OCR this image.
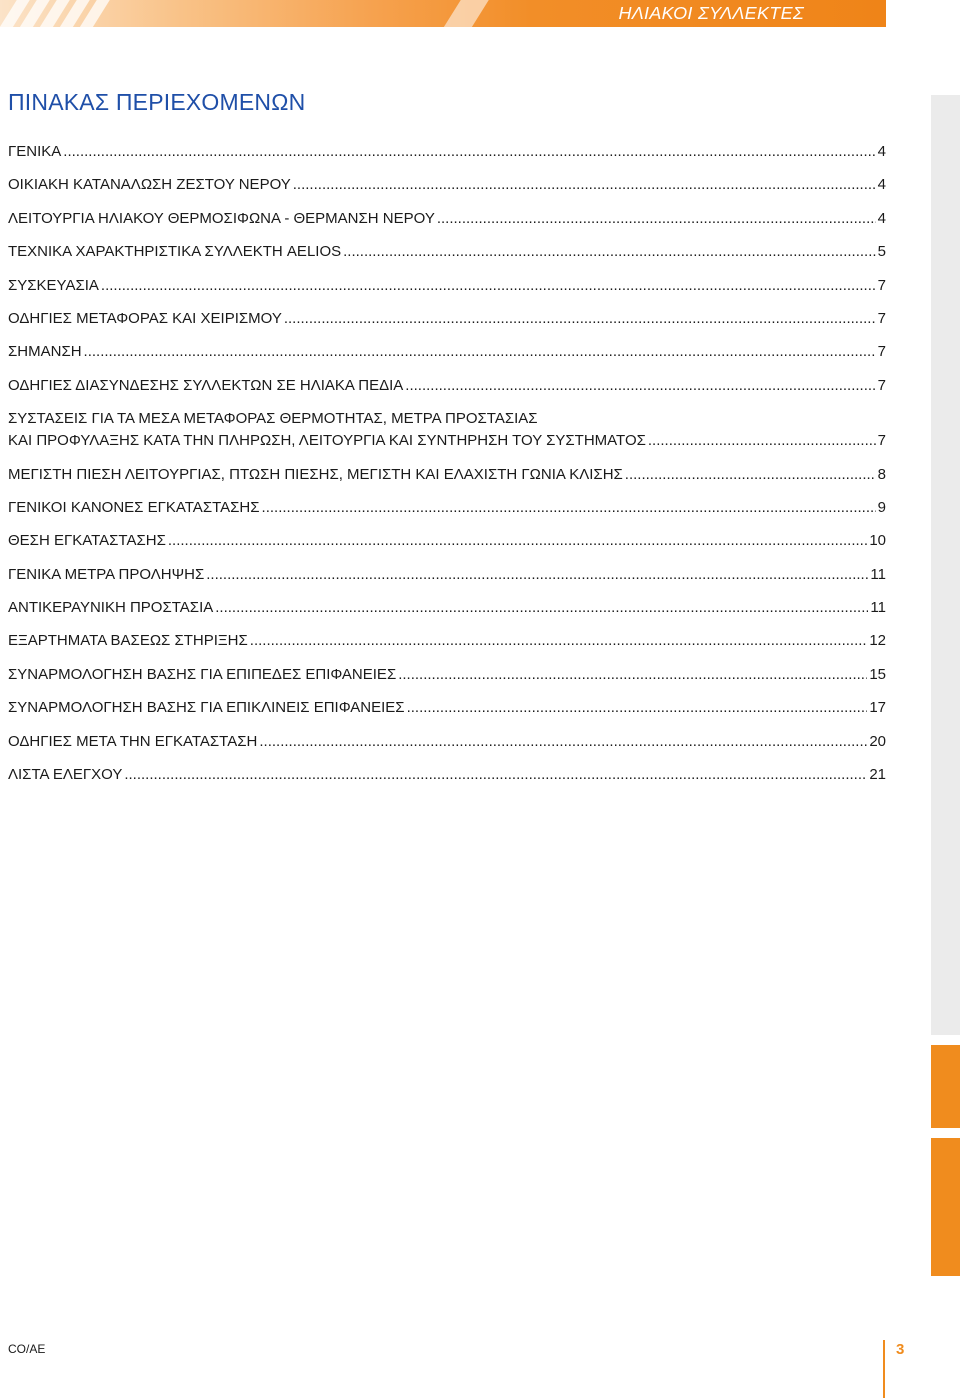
ΗΛΙΑΚΟΙ ΣΥΛΛΕΚΤΕΣ
ΠΙΝΑΚΑΣ ΠΕΡΙΕΧΟΜΕΝΩΝ
ΓΕΝΙΚΑ .....	4
ΟΙΚΙΑΚΗ ΚΑΤΑΝΑΛΩΣΗ ΖΕΣΤΟΥ ΝΕΡΟΥ .....	4
ΛΕΙΤΟΥΡΓΙΑ ΗΛΙΑΚΟΥ ΘΕΡΜΟΣΙΦΩΝΑ - ΘΕΡΜΑΝΣΗ ΝΕΡΟΥ .....	4
ΤΕΧΝΙΚΑ ΧΑΡΑΚΤΗΡΙΣΤΙΚΑ ΣΥΛΛΕΚΤΗ AELIOS .....	5
ΣΥΣΚΕΥΑΣΙΑ .....	7
ΟΔΗΓΙΕΣ ΜΕΤΑΦΟΡΑΣ ΚΑΙ ΧΕΙΡΙΣΜΟΥ .....	7
ΣΗΜΑΝΣΗ .....	7
ΟΔΗΓΙΕΣ ΔΙΑΣΥΝΔΕΣΗΣ ΣΥΛΛΕΚΤΩΝ ΣΕ ΗΛΙΑΚΑ ΠΕΔΙΑ .....	7
ΣΥΣΤΑΣΕΙΣ ΓΙΑ ΤΑ ΜΕΣΑ ΜΕΤΑΦΟΡΑΣ ΘΕΡΜΟΤΗΤΑΣ, ΜΕΤΡΑ ΠΡΟΣΤΑΣΙΑΣ
ΚΑΙ ΠΡΟΦΥΛΑΞΗΣ ΚΑΤΑ ΤΗΝ ΠΛΗΡΩΣΗ, ΛΕΙΤΟΥΡΓΙΑ ΚΑΙ ΣΥΝΤΗΡΗΣΗ ΤΟΥ ΣΥΣΤΗΜΑΤΟΣ .....	7
ΜΕΓΙΣΤΗ ΠΙΕΣΗ ΛΕΙΤΟΥΡΓΙΑΣ, ΠΤΩΣΗ ΠΙΕΣΗΣ, ΜΕΓΙΣΤΗ ΚΑΙ ΕΛΑΧΙΣΤΗ ΓΩΝΙΑ ΚΛΙΣΗΣ .....	8
ΓΕΝΙΚΟΙ ΚΑΝΟΝΕΣ ΕΓΚΑΤΑΣΤΑΣΗΣ .....	9
ΘΕΣΗ ΕΓΚΑΤΑΣΤΑΣΗΣ .....	10
ΓΕΝΙΚΑ ΜΕΤΡΑ ΠΡΟΛΗΨΗΣ .....	11
ΑΝΤΙΚΕΡΑΥΝΙΚΗ ΠΡΟΣΤΑΣΙΑ .....	11
ΕΞΑΡΤΗΜΑΤΑ ΒΑΣΕΩΣ ΣΤΗΡΙΞΗΣ .....	12
ΣΥΝΑΡΜΟΛΟΓΗΣΗ ΒΑΣΗΣ ΓΙΑ ΕΠΙΠΕΔΕΣ ΕΠΙΦΑΝΕΙΕΣ .....	15
ΣΥΝΑΡΜΟΛΟΓΗΣΗ ΒΑΣΗΣ ΓΙΑ ΕΠΙΚΛΙΝΕΙΣ ΕΠΙΦΑΝΕΙΕΣ .....	17
ΟΔΗΓΙΕΣ ΜΕΤΑ ΤΗΝ ΕΓΚΑΤΑΣΤΑΣΗ .....	20
ΛΙΣΤΑ ΕΛΕΓΧΟΥ .....	21
CO/AE	3
